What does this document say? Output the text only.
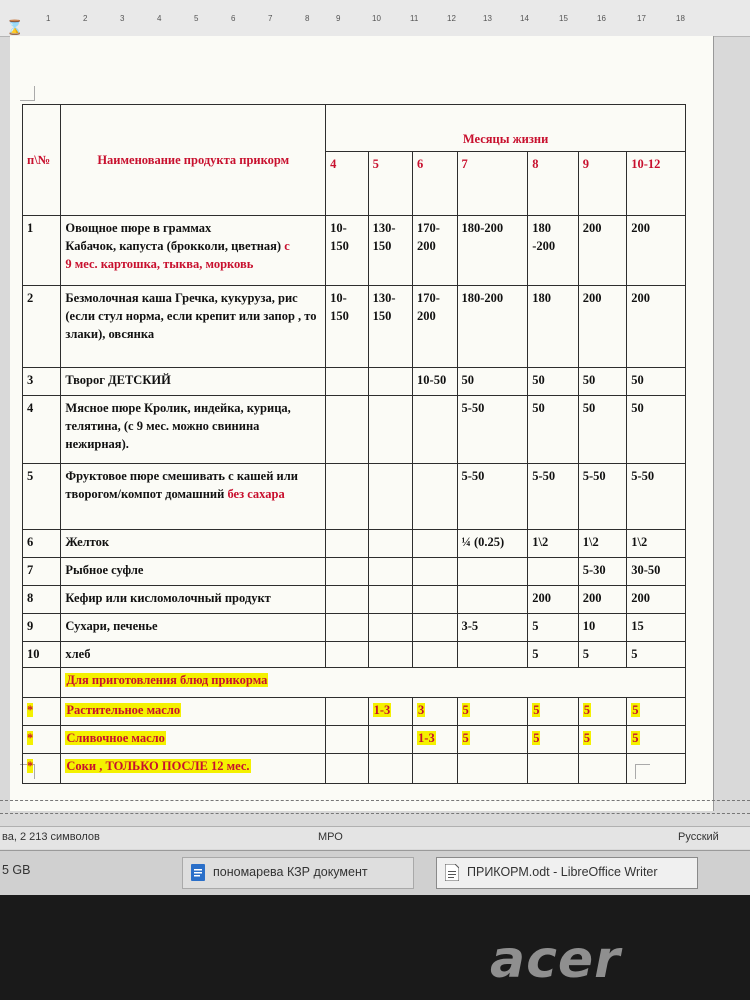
⌛
1	2	3	4	5	6	7	8	9	10	11	12	13	14	15	16	17	18
п\№	Наименование продукта прикорм	Месяцы жизни						
		4	5	6	7	8	9	10-12
1	Овощное пюре в граммах
Кабачок, капуста (брокколи, цветная) с
9 мес. картошка, тыква, морковь	10-150	130-150	170-200	180-200	180 -200	200	200
2	Безмолочная каша Гречка, кукуруза, рис (если стул норма, если крепит или запор , то злаки), овсянка	10-150	130-150	170-200	180-200	180	200	200
3	Творог ДЕТСКИЙ			10-50	50	50	50	50
4	Мясное пюре Кролик, индейка, курица, телятина, (с 9 мес. можно свинина нежирная).				5-50	50	50	50
5	Фруктовое пюре смешивать с кашей или творогом/компот домашний без сахара				5-50	5-50	5-50	5-50
6	Желток				¼ (0.25)	1\2	1\2	1\2
7	Рыбное суфле						5-30	30-50
8	Кефир или кисломолочный продукт					200	200	200
9	Сухари, печенье				3-5	5	10	15
10	хлеб					5	5	5
	Для приготовления блюд прикорма							
*	Растительное масло		1-3	3	5	5	5	5
*	Сливочное масло			1-3	5	5	5	5
*	Соки , ТОЛЬКО ПОСЛЕ 12 мес.							
ва, 2 213 символов	МРО	Русский
5 GB	пономарева КЗР документ	ПРИКОРМ.odt - LibreOffice Writer
acer
